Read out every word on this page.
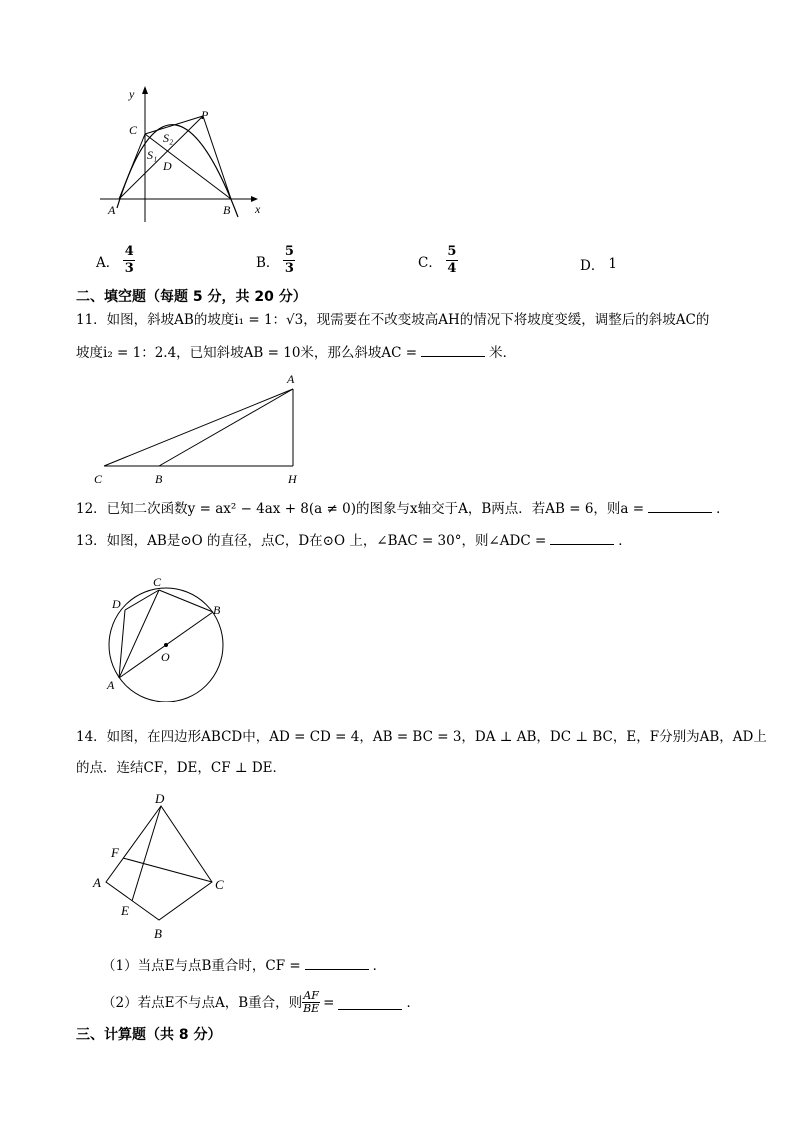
y
x
C
P
S₂
S₁
D
A	B
A． $\frac{4}{3}$	B． $\frac{5}{3}$	C． $\frac{5}{4}$	D． 1
二、填空题（每题 5 分，共 20 分）
11．如图，斜坡AB的坡度i₁ = 1：√3，现需要在不改变坡高AH的情况下将坡度变缓，调整后的斜坡AC的
坡度i₂ = 1：2.4，已知斜坡AB = 10米，那么斜坡AC =	米．
A
C	B	H
12．已知二次函数y = ax² − 4ax + 8(a ≠ 0)的图象与x轴交于A，B两点．若AB = 6，则a =	．
13．如图，AB是⊙O 的直径，点C，D在⊙O 上，∠BAC = 30°，则∠ADC =	．
C
D	B
O
A
14．如图，在四边形ABCD中，AD = CD = 4，AB = BC = 3，DA ⊥ AB，DC ⊥ BC，E，F分别为AB，AD上
的点．连结CF，DE，CF ⊥ DE．
D
F
A	C
E
B
（1）当点E与点B重合时，CF =	．
（2）若点E不与点A，B重合，则 AF
BE =	．
三、计算题（共 8 分）
